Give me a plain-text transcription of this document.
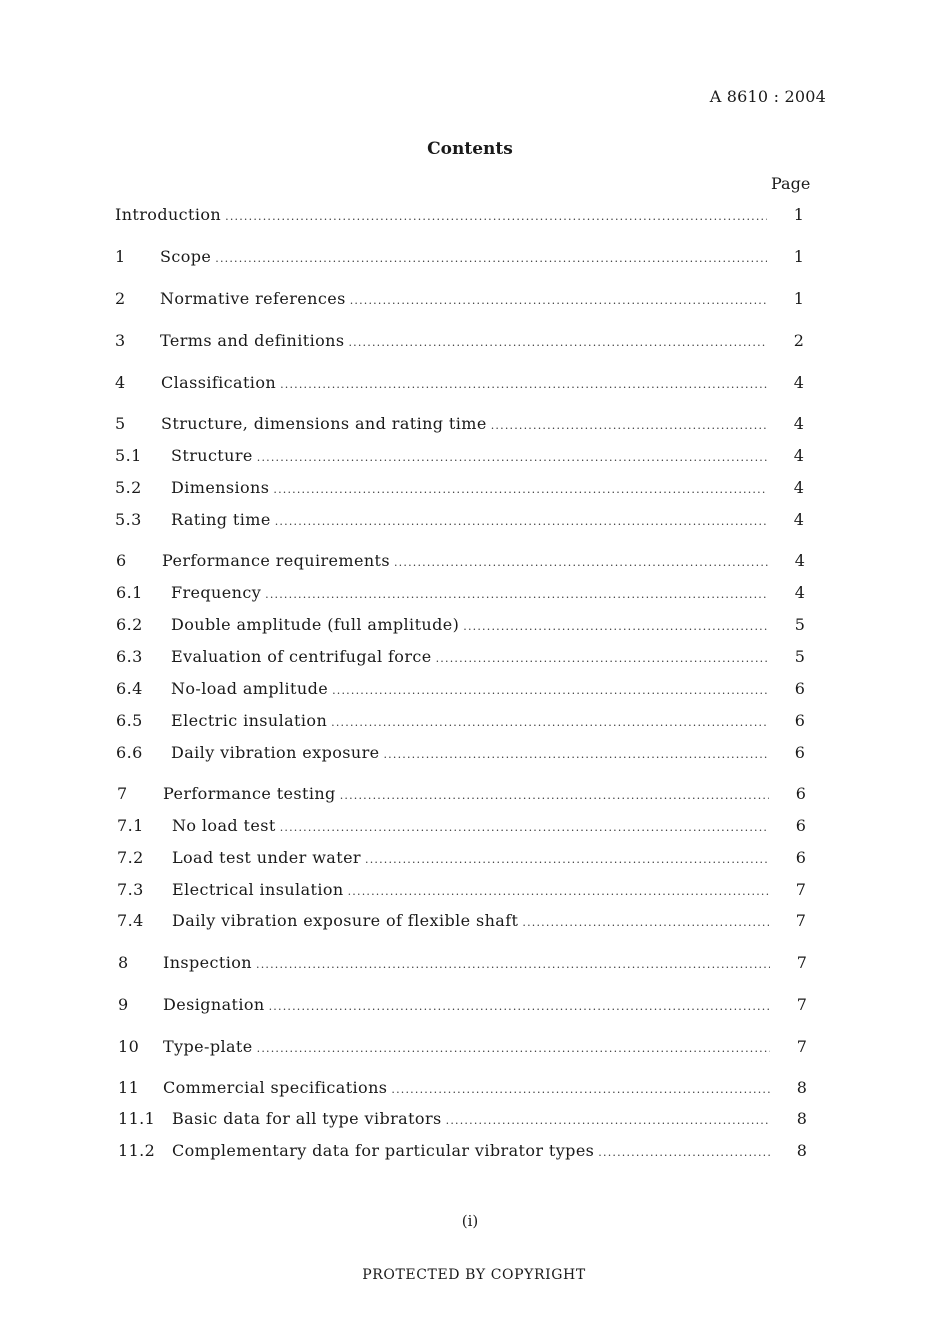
A 8610 : 2004
Contents
Page
Introduction .....	1
1 Scope .....	1
2 Normative references .....	1
3 Terms and definitions .....	2
4 Classification .....	4
5 Structure, dimensions and rating time .....	4
5.1 Structure .....	4
5.2 Dimensions .....	4
5.3 Rating time .....	4
6 Performance requirements .....	4
6.1 Frequency .....	4
6.2 Double amplitude (full amplitude) .....	5
6.3 Evaluation of centrifugal force .....	5
6.4 No-load amplitude .....	6
6.5 Electric insulation .....	6
6.6 Daily vibration exposure .....	6
7 Performance testing .....	6
7.1 No load test .....	6
7.2 Load test under water .....	6
7.3 Electrical insulation .....	7
7.4 Daily vibration exposure of flexible shaft .....	7
8 Inspection .....	7
9 Designation .....	7
10 Type-plate .....	7
11 Commercial specifications .....	8
11.1 Basic data for all type vibrators .....	8
11.2 Complementary data for particular vibrator types .....	8
(i)
PROTECTED BY COPYRIGHT
